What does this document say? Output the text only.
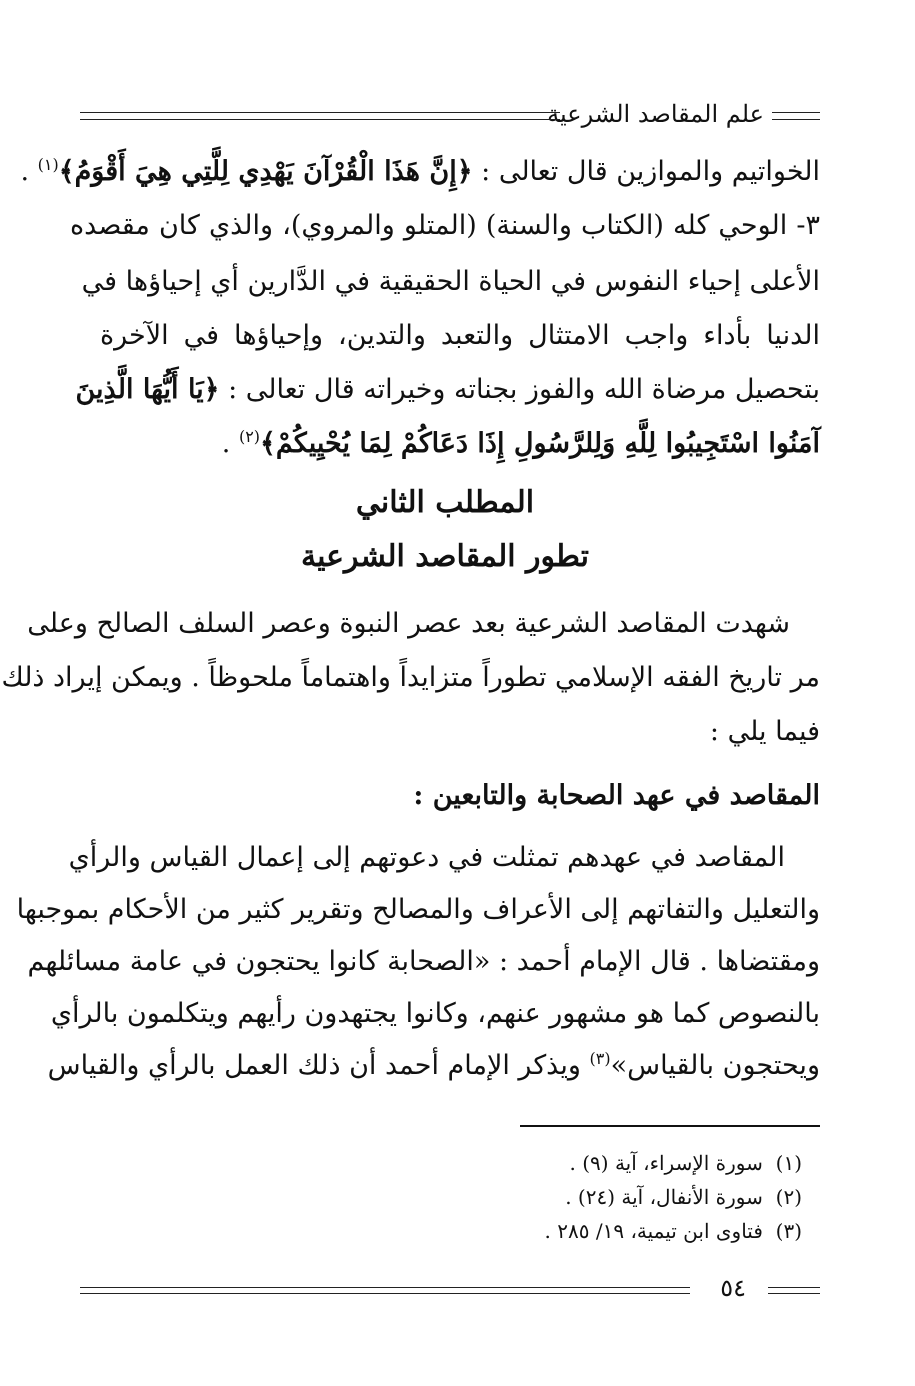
علم المقاصد الشرعية
الخواتيم والموازين قال تعالى : ﴿إِنَّ هَذَا الْقُرْآنَ يَهْدِي لِلَّتِي هِيَ أَقْوَمُ﴾$^{(١)}$ .
٣- الوحي كله (الكتاب والسنة) (المتلو والمروي)، والذي كان مقصده
الأعلى إحياء النفوس في الحياة الحقيقية في الدَّارين أي إحياؤها في
الدنيا بأداء واجب الامتثال والتعبد والتدين، وإحياؤها في الآخرة
بتحصيل مرضاة الله والفوز بجناته وخيراته قال تعالى : ﴿يَا أَيُّهَا الَّذِينَ
آمَنُوا اسْتَجِيبُوا لِلَّهِ وَلِلرَّسُولِ إِذَا دَعَاكُمْ لِمَا يُحْيِيكُمْ﴾$^{(٢)}$ .
المطلب الثاني
تطور المقاصد الشرعية
شهدت المقاصد الشرعية بعد عصر النبوة وعصر السلف الصالح وعلى
مر تاريخ الفقه الإسلامي تطوراً متزايداً واهتماماً ملحوظاً . ويمكن إيراد ذلك
فيما يلي :
المقاصد في عهد الصحابة والتابعين :
المقاصد في عهدهم تمثلت في دعوتهم إلى إعمال القياس والرأي
والتعليل والتفاتهم إلى الأعراف والمصالح وتقرير كثير من الأحكام بموجبها
ومقتضاها . قال الإمام أحمد : «الصحابة كانوا يحتجون في عامة مسائلهم
بالنصوص كما هو مشهور عنهم، وكانوا يجتهدون رأيهم ويتكلمون بالرأي
ويحتجون بالقياس»$^{(٣)}$ ويذكر الإمام أحمد أن ذلك العمل بالرأي والقياس
(١)  سورة الإسراء، آية (٩) .
(٢)  سورة الأنفال، آية (٢٤) .
(٣)  فتاوى ابن تيمية، ١٩/ ٢٨٥ .
٥٤
